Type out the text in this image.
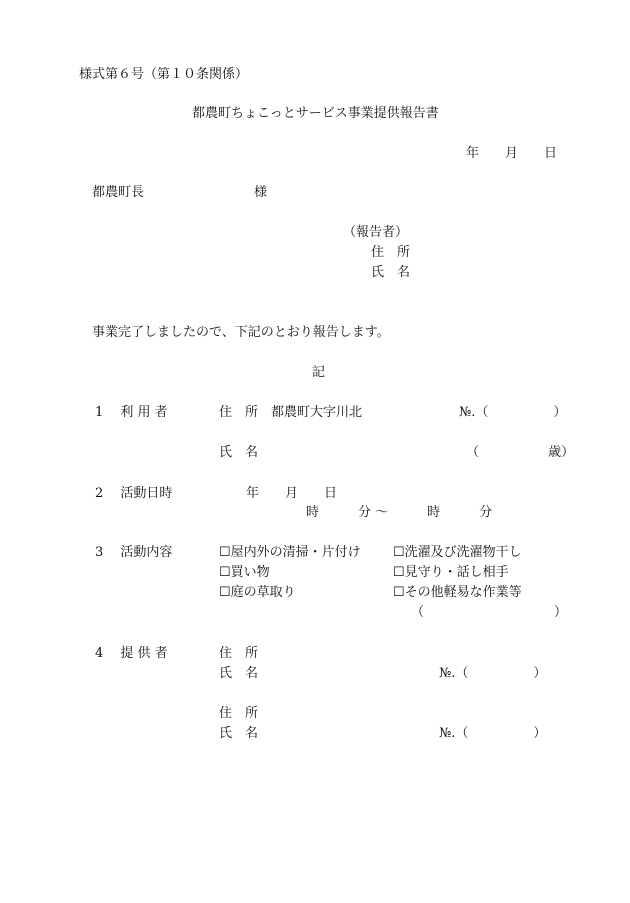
様式第６号（第１０条関係）
都農町ちょこっとサービス事業提供報告書
年　　月　　日
都農町長	様
（報告者）
住　所
氏　名
事業完了しましたので、下記のとおり報告します。
記
1　 利 用 者	住　所 都農町大字川北	№.（　　　　　）
氏　名	（　　　　　 歳）
2　 活動日時	年　　月　　日
時　　　分 〜　　　時　　　分
3　 活動内容	☐屋内外の清掃・片付け ☐洗濯及び洗濯物干し
☐買い物	☐見守り・話し相手
☐庭の草取り	☐その他軽易な作業等
（　　　　　　　　　　）
4　 提 供 者	住　所
氏　名	№.（　　　　　）
住　所
氏　名	№.（　　　　　）
